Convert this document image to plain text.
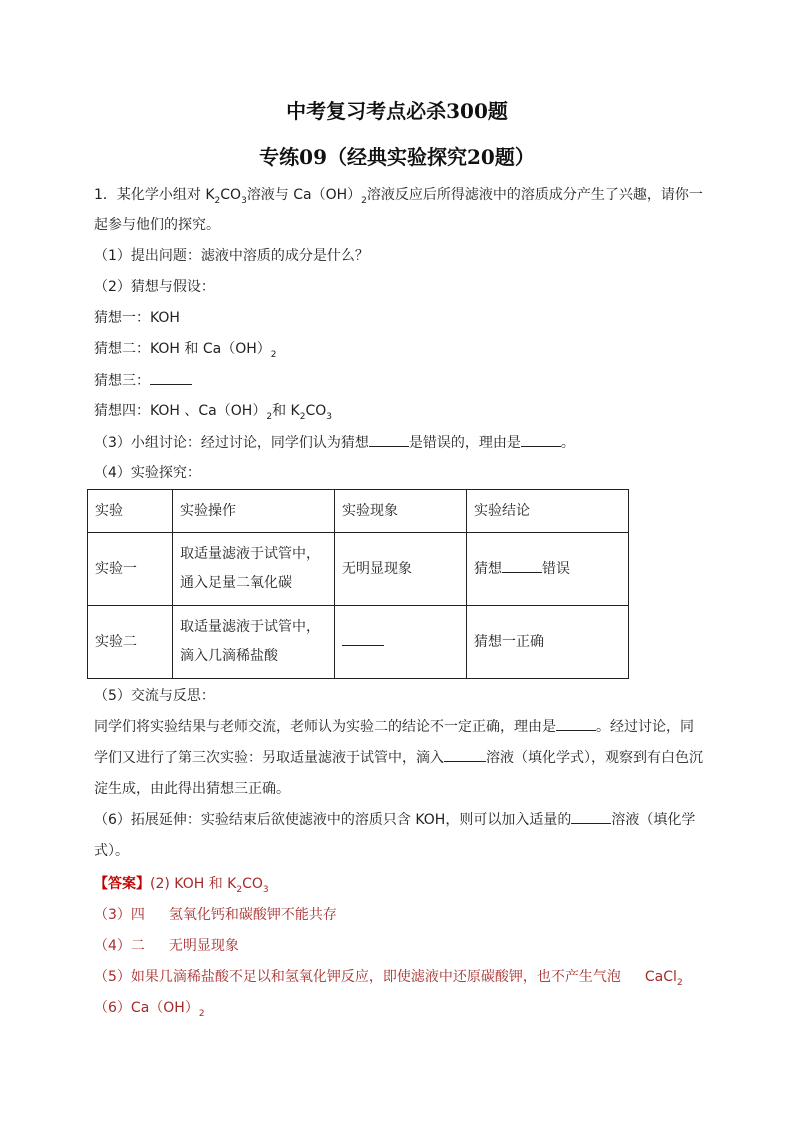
中考复习考点必杀300题
专练09（经典实验探究20题）
1．某化学小组对 $K_2CO_3$溶液与 $Ca(OH)_2$溶液反应后所得滤液中的溶质成分产生了兴趣，请你一
起参与他们的探究。
（1）提出问题：滤液中溶质的成分是什么？
（2）猜想与假设：
猜想一：KOH
猜想二：KOH 和 $Ca(OH)_2$
猜想三：
猜想四：KOH 、$Ca(OH)_2$和 $K_2CO_3$
（3）小组讨论：经过讨论，同学们认为猜想	是错误的，理由是	。
（4）实验探究：
实验	实验操作	实验现象	实验结论
实验一	取适量滤液于试管中，
通入足量二氧化碳	无明显现象	猜想 错误
实验二	取适量滤液于试管中，
滴入几滴稀盐酸		猜想一正确
（5）交流与反思：
同学们将实验结果与老师交流，老师认为实验二的结论不一定正确，理由是	。经过讨论，同学们又进行了第三次实验：另取适量滤液于试管中，滴入	溶液（填化学式），观察到有白色沉淀生成，由此得出猜想三正确。
（6）拓展延伸：实验结束后欲使滤液中的溶质只含 KOH，则可以加入适量的	溶液（填化学式）。
【答案】(2) KOH 和 $K_2CO_3$
（3）四 氢氧化钙和碳酸钾不能共存
（4）二 无明显现象
（5）如果几滴稀盐酸不足以和氢氧化钾反应，即使滤液中还原碳酸钾，也不产生气泡 CaCl$_2$
$(6)Ca(OH)_2$
